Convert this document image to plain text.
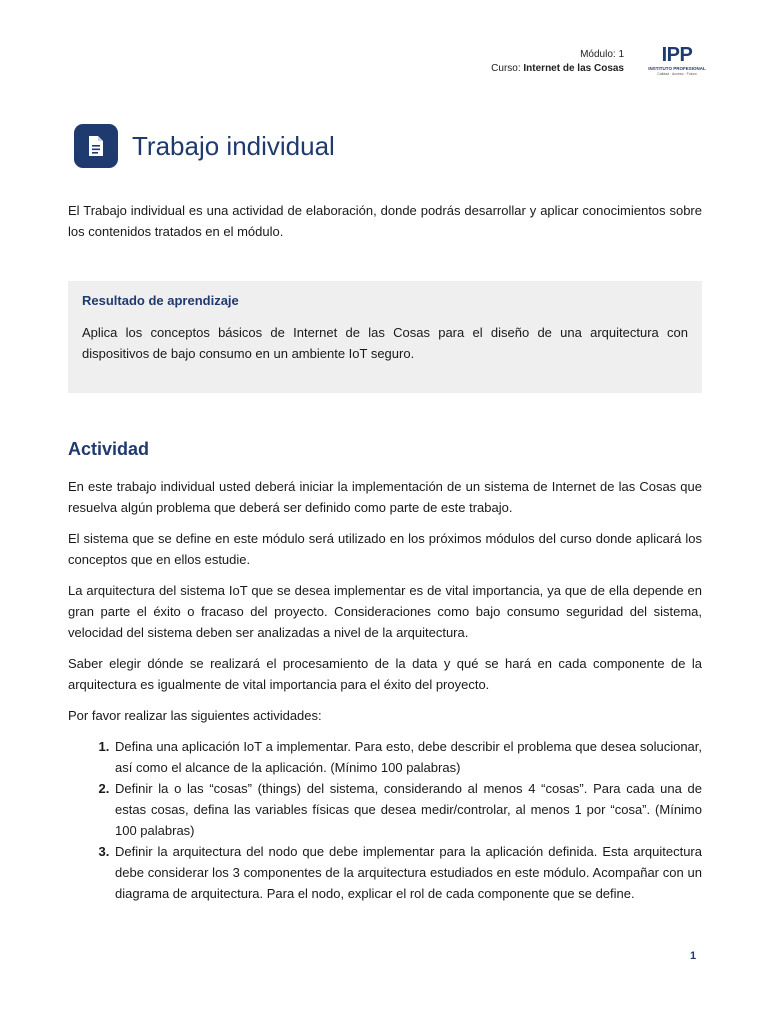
Módulo: 1
Curso: Internet de las Cosas
IPP
INSTITUTO PROFESIONAL
Calidad · Acceso · Futuro
Trabajo individual

El Trabajo individual es una actividad de elaboración, donde podrás desarrollar y aplicar conocimientos sobre los contenidos tratados en el módulo.

Resultado de aprendizaje

Aplica los conceptos básicos de Internet de las Cosas para el diseño de una arquitectura con dispositivos de bajo consumo en un ambiente IoT seguro.

Actividad

En este trabajo individual usted deberá iniciar la implementación de un sistema de Internet de las Cosas que resuelva algún problema que deberá ser definido como parte de este trabajo.

El sistema que se define en este módulo será utilizado en los próximos módulos del curso donde aplicará los conceptos que en ellos estudie.

La arquitectura del sistema IoT que se desea implementar es de vital importancia, ya que de ella depende en gran parte el éxito o fracaso del proyecto. Consideraciones como bajo consumo seguridad del sistema, velocidad del sistema deben ser analizadas a nivel de la arquitectura.

Saber elegir dónde se realizará el procesamiento de la data y qué se hará en cada componente de la arquitectura es igualmente de vital importancia para el éxito del proyecto.

Por favor realizar las siguientes actividades:

1. Defina una aplicación IoT a implementar. Para esto, debe describir el problema que desea solucionar, así como el alcance de la aplicación. (Mínimo 100 palabras)
2. Definir la o las “cosas” (things) del sistema, considerando al menos 4 “cosas”. Para cada una de estas cosas, defina las variables físicas que desea medir/controlar, al menos 1 por “cosa”. (Mínimo 100 palabras)
3. Definir la arquitectura del nodo que debe implementar para la aplicación definida. Esta arquitectura debe considerar los 3 componentes de la arquitectura estudiados en este módulo. Acompañar con un diagrama de arquitectura. Para el nodo, explicar el rol de cada componente que se define.
1
